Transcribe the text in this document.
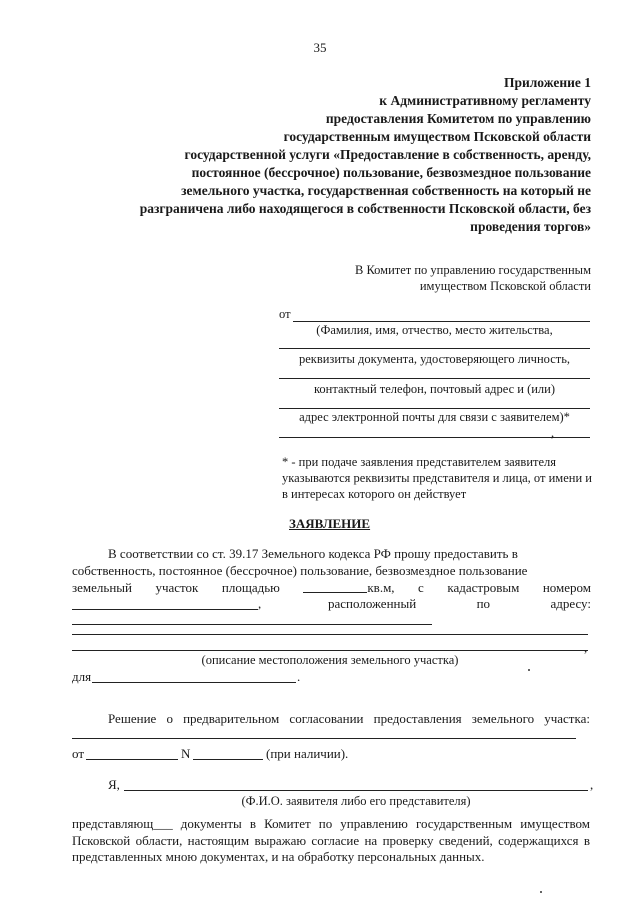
35
Приложение 1
к Административному регламенту
предоставления Комитетом по управлению
государственным имуществом Псковской области
государственной услуги «Предоставление в собственность, аренду,
постоянное (бессрочное) пользование, безвозмездное пользование
земельного участка, государственная собственность на который не
разграничена либо находящегося в собственности Псковской области, без
проведения торгов»
В Комитет по управлению государственным
имуществом Псковской области
от
(Фамилия, имя, отчество, место жительства,
реквизиты документа, удостоверяющего личность,
контактный телефон, почтовый адрес и (или)
адрес электронной почты для связи с заявителем)*
,
* - при подаче заявления представителем заявителя указываются реквизиты представителя и лица, от имени и в интересах которого он действует
ЗАЯВЛЕНИЕ
В соответствии со ст. 39.17 Земельного кодекса РФ прошу предоставить в
собственность, постоянное (бессрочное) пользование, безвозмездное пользование
земельный участок площадью	кв.м, с кадастровым номером
,	расположенный	по	адресу:
,
(описание местоположения земельного участка)
для	.
Решение о предварительном согласовании предоставления земельного участка:
от	N	(при наличии).
Я,	,
(Ф.И.О. заявителя либо его представителя)
представляющ___ документы в Комитет по управлению государственным имуществом Псковской области, настоящим выражаю согласие на проверку сведений, содержащихся в представленных мною документах, и на обработку персональных данных.
